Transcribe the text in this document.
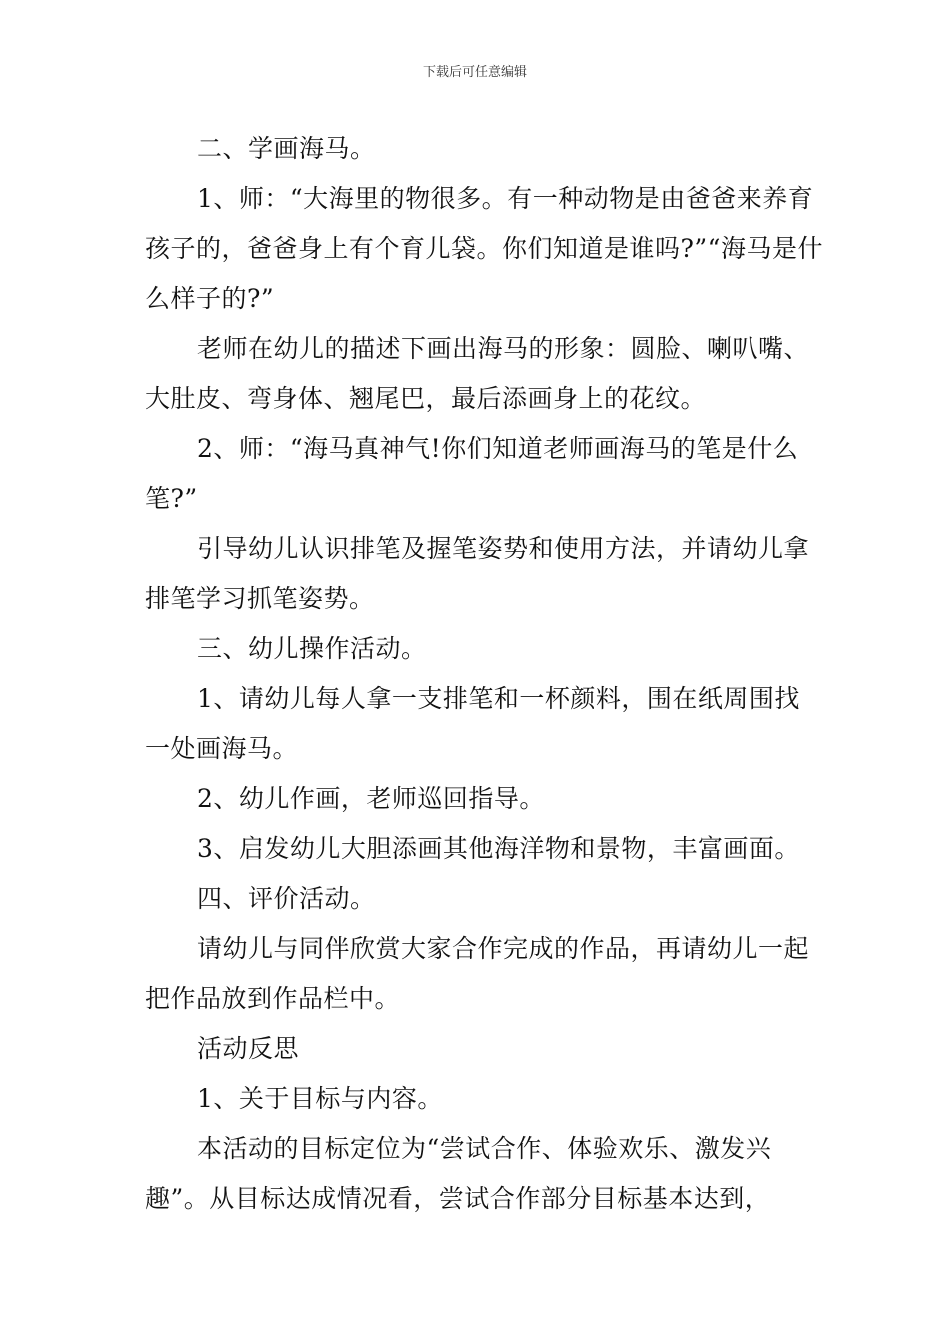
下载后可任意编辑

二、学画海马。

1、师：“大海里的物很多。有一种动物是由爸爸来养育孩子的，爸爸身上有个育儿袋。你们知道是谁吗?”“海马是什么样子的?”

老师在幼儿的描述下画出海马的形象：圆脸、喇叭嘴、大肚皮、弯身体、翘尾巴，最后添画身上的花纹。

2、师：“海马真神气!你们知道老师画海马的笔是什么笔?”

引导幼儿认识排笔及握笔姿势和使用方法，并请幼儿拿排笔学习抓笔姿势。

三、幼儿操作活动。

1、请幼儿每人拿一支排笔和一杯颜料，围在纸周围找一处画海马。

2、幼儿作画，老师巡回指导。

3、启发幼儿大胆添画其他海洋物和景物，丰富画面。

四、评价活动。

请幼儿与同伴欣赏大家合作完成的作品，再请幼儿一起把作品放到作品栏中。

活动反思

1、关于目标与内容。

本活动的目标定位为“尝试合作、体验欢乐、激发兴趣”。从目标达成情况看，尝试合作部分目标基本达到，
